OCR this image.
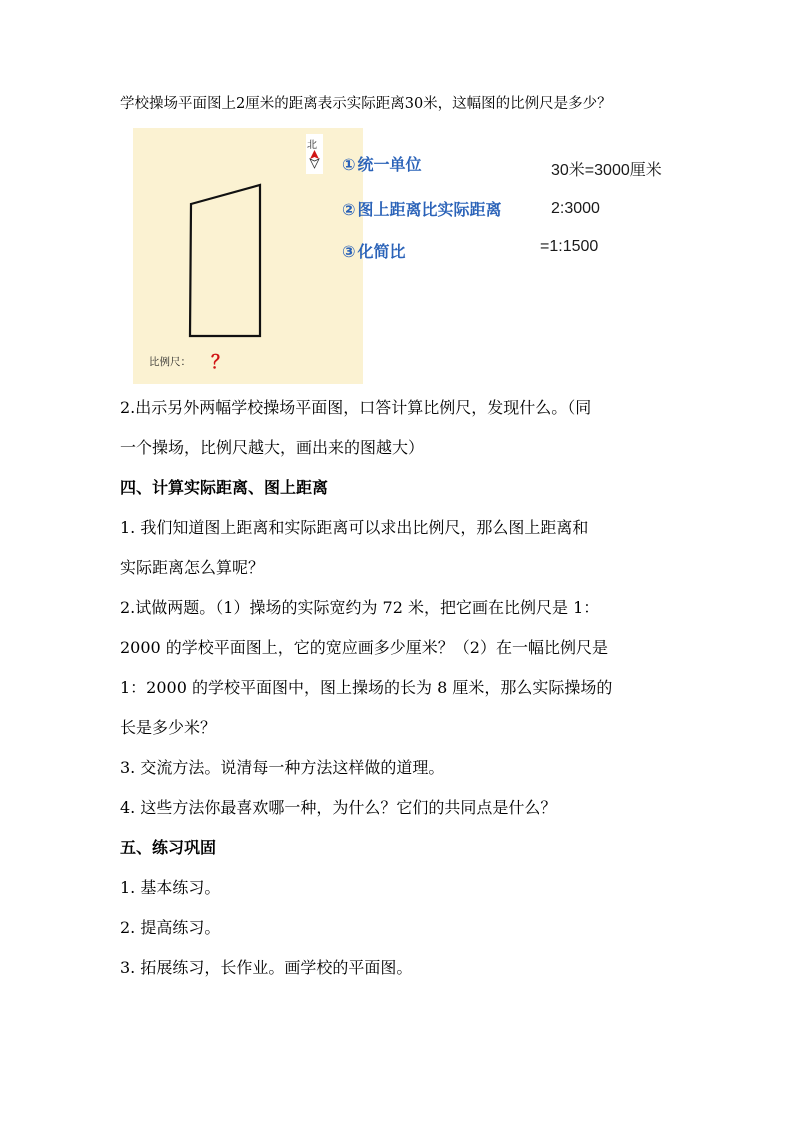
学校操场平面图上2厘米的距离表示实际距离30米，这幅图的比例尺是多少？
北
比例尺： ？
① 统一单位	30米=3000厘米
② 图上距离比实际距离	2:3000
③ 化简比	=1:1500

2.出示另外两幅学校操场平面图，口答计算比例尺，发现什么。（同

一个操场，比例尺越大，画出来的图越大）

四、计算实际距离、图上距离

1. 我们知道图上距离和实际距离可以求出比例尺，那么图上距离和

实际距离怎么算呢？

2.试做两题。（1）操场的实际宽约为 72 米，把它画在比例尺是 1：

2000 的学校平面图上，它的宽应画多少厘米？（2）在一幅比例尺是

1：2000 的学校平面图中，图上操场的长为 8 厘米，那么实际操场的

长是多少米？

3. 交流方法。说清每一种方法这样做的道理。

4. 这些方法你最喜欢哪一种，为什么？它们的共同点是什么？

五、练习巩固

1. 基本练习。

2. 提高练习。

3. 拓展练习，长作业。画学校的平面图。
